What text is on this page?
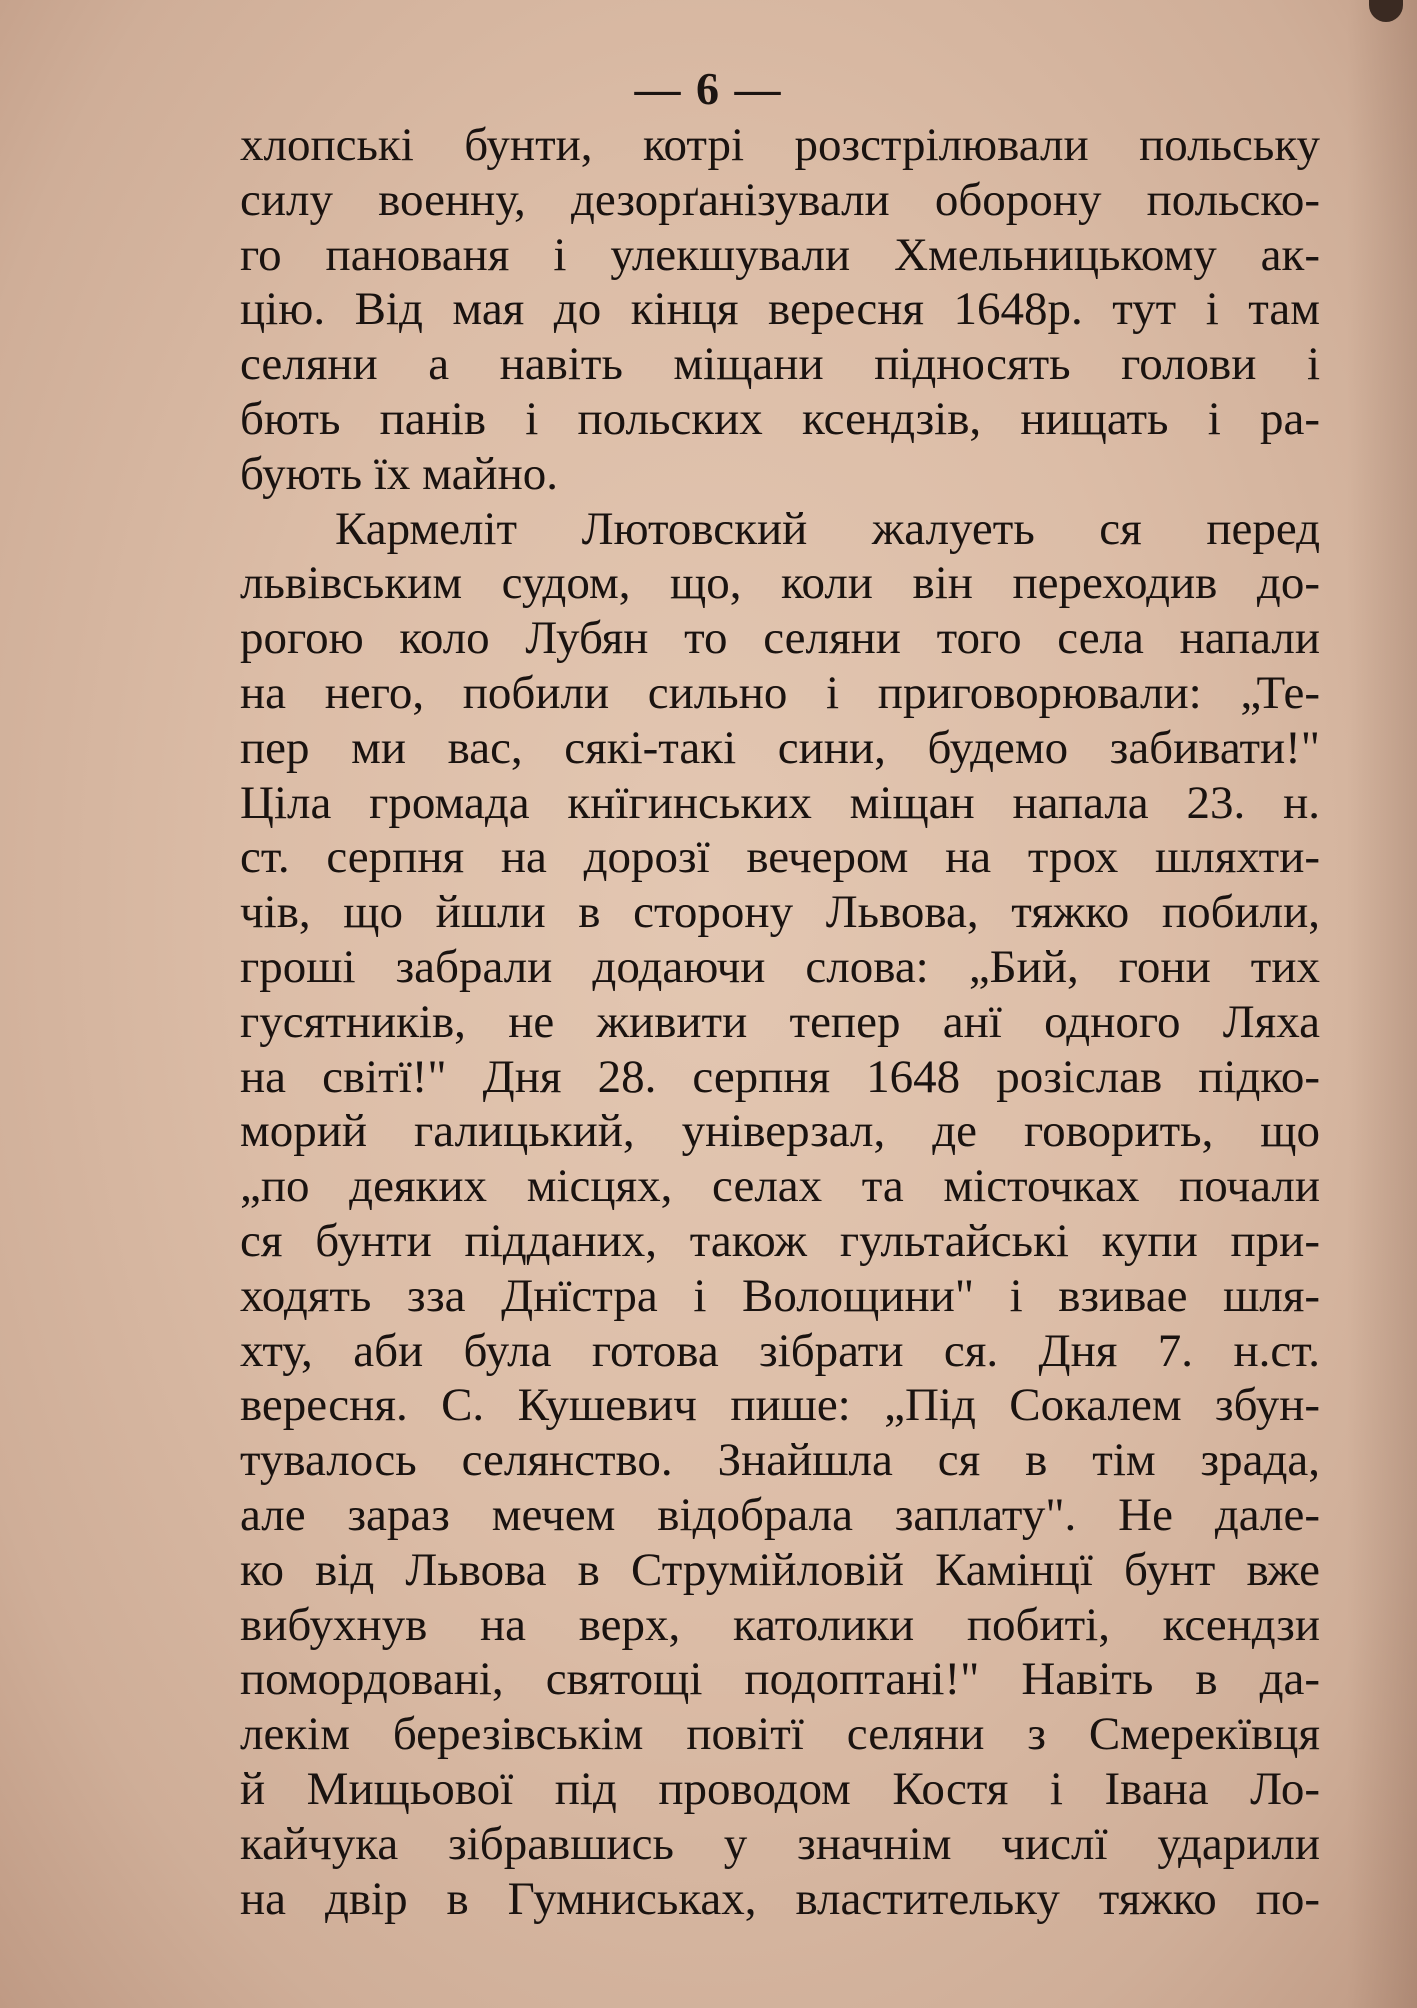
— 6 —
хлопські бунти, котрі розстрілювали польську
силу военну, дезорґанізували оборону польско-
го панованя і улекшували Хмельницькому ак-
цію. Від мая до кінця вересня 1648р. тут і там
селяни а навіть міщани підносять голови і
бють панів і польских ксендзів, нищать і ра-
бують їх майно.
Кармеліт Лютовский жалуеть ся перед
львівським судом, що, коли він переходив до-
рогою коло Лубян то селяни того села напали
на него, побили сильно і приговорювали: „Те-
пер ми вас, сякі-такі сини, будемо забивати!"
Ціла громада кнїгинських міщан напала 23. н.
ст. серпня на дорозї вечером на трох шляхти-
чів, що йшли в сторону Львова, тяжко побили,
гроші забрали додаючи слова: „Бий, гони тих
гусятників, не живити тепер анї одного Ляха
на світї!" Дня 28. серпня 1648 розіслав підко-
морий галицький, універзал, де говорить, що
„по деяких місцях, селах та місточках почали
ся бунти підданих, також гультайські купи при-
ходять зза Днїстра і Волощини" і взивае шля-
хту, аби була готова зібрати ся. Дня 7. н.ст.
вересня. С. Кушевич пише: „Під Сокалем збун-
тувалось селянство. Знайшла ся в тім зрада,
але зараз мечем відобрала заплату". Не дале-
ко від Львова в Струмійловій Камінцї бунт вже
вибухнув на верх, католики побиті, ксендзи
помордовані, святощі подоптані!" Навіть в да-
лекім березівськім повітї селяни з Смерекївця
й Мищьової під проводом Костя і Івана Ло-
кайчука зібравшись у значнім числї ударили
на двір в Гумниськах, властительку тяжко по-
